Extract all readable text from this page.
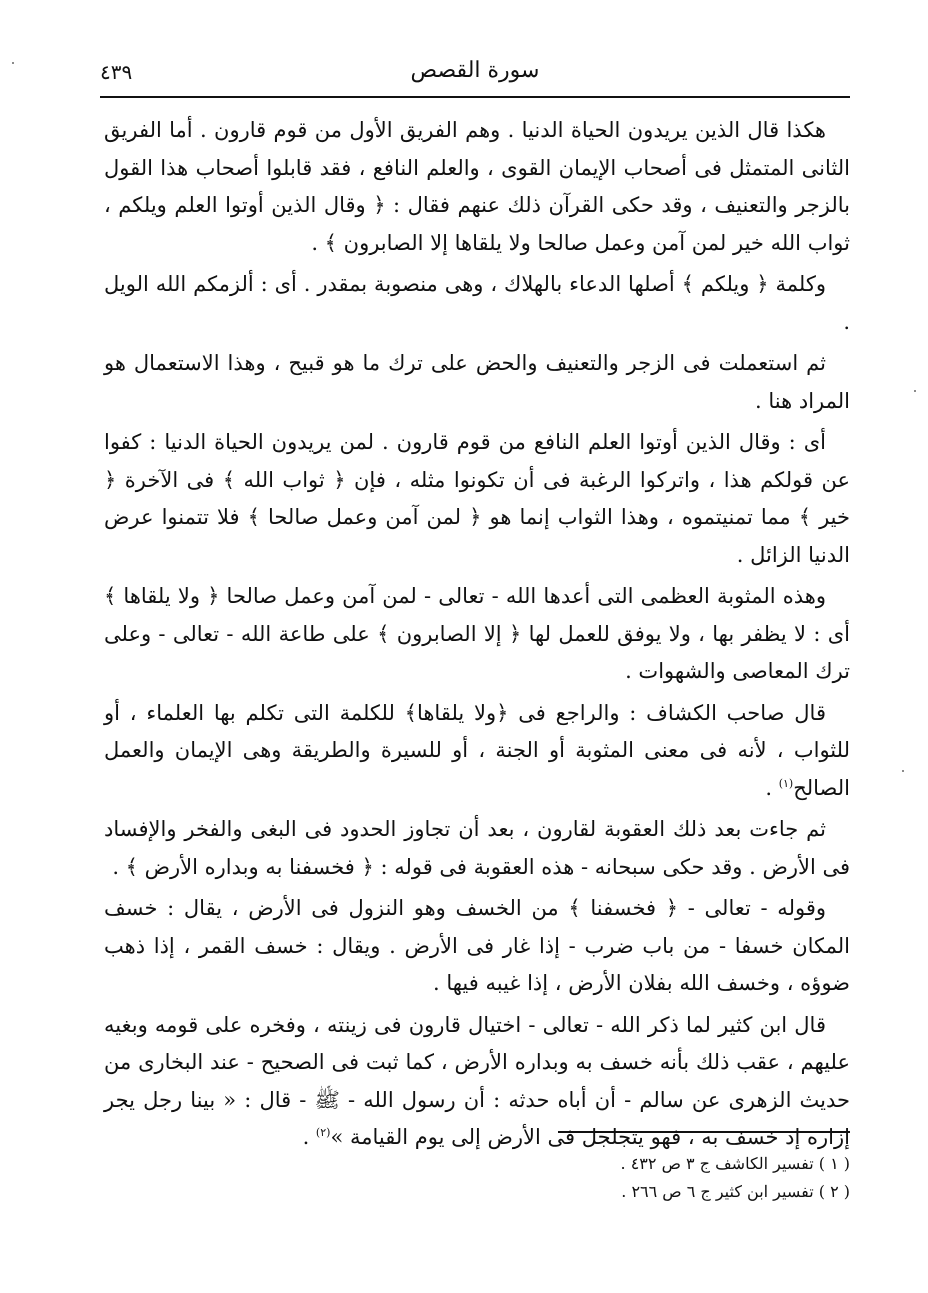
سورة القصص
٤٣٩

هكذا قال الذين يريدون الحياة الدنيا . وهم الفريق الأول من قوم قارون . أما الفريق الثانى المتمثل فى أصحاب الإيمان القوى ، والعلم النافع ، فقد قابلوا أصحاب هذا القول بالزجر والتعنيف ، وقد حكى القرآن ذلك عنهم فقال : ﴿ وقال الذين أوتوا العلم ويلكم ، ثواب الله خير لمن آمن وعمل صالحا ولا يلقاها إلا الصابرون ﴾ .

وكلمة ﴿ ويلكم ﴾ أصلها الدعاء بالهلاك ، وهى منصوبة بمقدر . أى : ألزمكم الله الويل .

ثم استعملت فى الزجر والتعنيف والحض على ترك ما هو قبيح ، وهذا الاستعمال هو المراد هنا .

أى : وقال الذين أوتوا العلم النافع من قوم قارون . لمن يريدون الحياة الدنيا : كفوا عن قولكم هذا ، واتركوا الرغبة فى أن تكونوا مثله ، فإن ﴿ ثواب الله ﴾ فى الآخرة ﴿ خير ﴾ مما تمنيتموه ، وهذا الثواب إنما هو ﴿ لمن آمن وعمل صالحا ﴾ فلا تتمنوا عرض الدنيا الزائل .

وهذه المثوبة العظمى التى أعدها الله - تعالى - لمن آمن وعمل صالحا ﴿ ولا يلقاها ﴾ أى : لا يظفر بها ، ولا يوفق للعمل لها ﴿ إلا الصابرون ﴾ على طاعة الله - تعالى - وعلى ترك المعاصى والشهوات .

قال صاحب الكشاف : والراجع فى ﴿ولا يلقاها﴾ للكلمة التى تكلم بها العلماء ، أو للثواب ، لأنه فى معنى المثوبة أو الجنة ، أو للسيرة والطريقة وهى الإيمان والعمل الصالح$^{(١)}$ .

ثم جاءت بعد ذلك العقوبة لقارون ، بعد أن تجاوز الحدود فى البغى والفخر والإفساد فى الأرض . وقد حكى سبحانه - هذه العقوبة فى قوله : ﴿ فخسفنا به وبداره الأرض ﴾ .

وقوله - تعالى - ﴿ فخسفنا ﴾ من الخسف وهو النزول فى الأرض ، يقال : خسف المكان خسفا - من باب ضرب - إذا غار فى الأرض . ويقال : خسف القمر ، إذا ذهب ضوؤه ، وخسف الله بفلان الأرض ، إذا غيبه فيها .

قال ابن كثير لما ذكر الله - تعالى - اختيال قارون فى زينته ، وفخره على قومه وبغيه عليهم ، عقب ذلك بأنه خسف به وبداره الأرض ، كما ثبت فى الصحيح - عند البخارى من حديث الزهرى عن سالم - أن أباه حدثه : أن رسول الله - ﷺ - قال : « بينا رجل يجر إزاره إذ خسف به ، فهو يتجلجل فى الأرض إلى يوم القيامة »$^{(٢)}$ .

( ١ ) تفسير الكاشف ج ٣ ص ٤٣٢ .
( ٢ ) تفسير ابن كثير ج ٦ ص ٢٦٦ .
